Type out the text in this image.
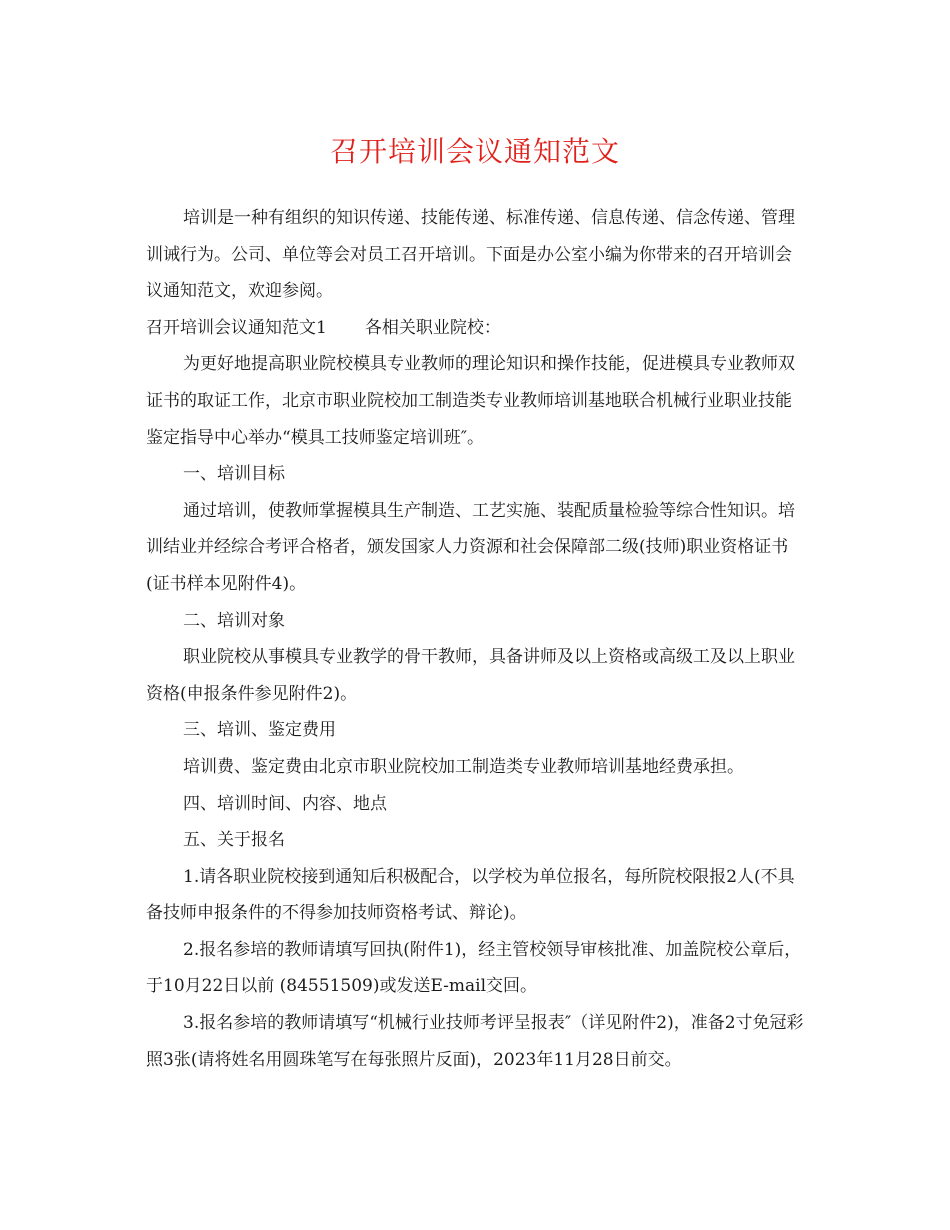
召开培训会议通知范文

培训是一种有组织的知识传递、技能传递、标准传递、信息传递、信念传递、管理训诫行为。公司、单位等会对员工召开培训。下面是办公室小编为你带来的召开培训会议通知范文，欢迎参阅。

召开培训会议通知范文1 各相关职业院校：

为更好地提高职业院校模具专业教师的理论知识和操作技能，促进模具专业教师双证书的取证工作，北京市职业院校加工制造类专业教师培训基地联合机械行业职业技能鉴定指导中心举办“模具工技师鉴定培训班″。

一、培训目标

通过培训，使教师掌握模具生产制造、工艺实施、装配质量检验等综合性知识。培训结业并经综合考评合格者，颁发国家人力资源和社会保障部二级(技师)职业资格证书(证书样本见附件4)。

二、培训对象

职业院校从事模具专业教学的骨干教师，具备讲师及以上资格或高级工及以上职业资格(申报条件参见附件2)。

三、培训、鉴定费用

培训费、鉴定费由北京市职业院校加工制造类专业教师培训基地经费承担。

四、培训时间、内容、地点

五、关于报名

1.请各职业院校接到通知后积极配合，以学校为单位报名，每所院校限报2人(不具备技师申报条件的不得参加技师资格考试、辩论)。

2.报名参培的教师请填写回执(附件1)，经主管校领导审核批准、加盖院校公章后，于10月22日以前 (84551509)或发送E-mail交回。

3.报名参培的教师请填写“机械行业技师考评呈报表″（详见附件2)，准备2寸免冠彩照3张(请将姓名用圆珠笔写在每张照片反面)，2023年11月28日前交。
